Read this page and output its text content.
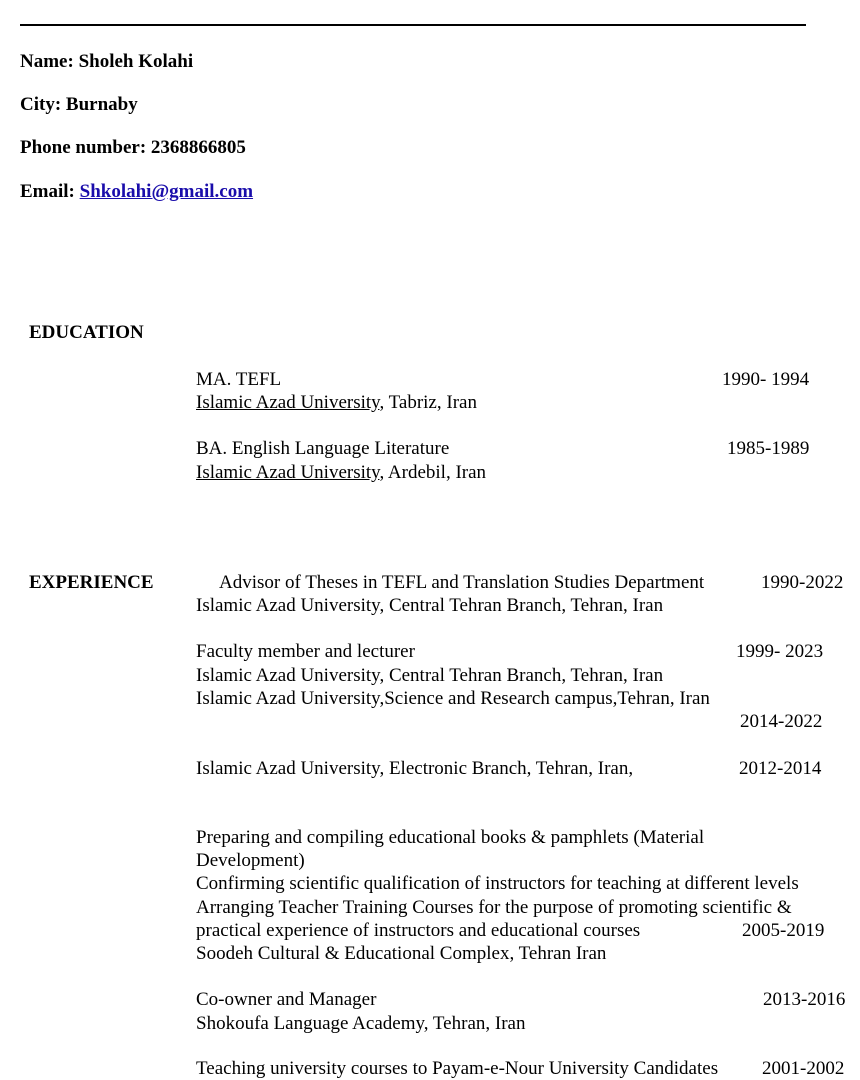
Name: Sholeh Kolahi
City: Burnaby
Phone number: 2368866805
Email: Shkolahi@gmail.com
EDUCATION
MA. TEFL	1990- 1994
Islamic Azad University, Tabriz, Iran
BA. English Language Literature	1985-1989
Islamic Azad University, Ardebil, Iran
EXPERIENCE	Advisor of Theses in TEFL and Translation Studies Department	1990-2022
Islamic Azad University, Central Tehran Branch, Tehran, Iran
Faculty member and lecturer	1999- 2023
Islamic Azad University, Central Tehran Branch, Tehran, Iran
Islamic Azad University,Science and Research campus,Tehran, Iran
2014-2022
Islamic Azad University, Electronic Branch, Tehran, Iran,	2012-2014
Preparing and compiling educational books & pamphlets (Material
Development)
Confirming scientific qualification of instructors for teaching at different levels
Arranging Teacher Training Courses for the purpose of promoting scientific &
practical experience of instructors and educational courses	2005-2019
Soodeh Cultural & Educational Complex, Tehran Iran
Co-owner and Manager	2013-2016
Shokoufa Language Academy, Tehran, Iran
Teaching university courses to Payam-e-Nour University Candidates 2001-2002
